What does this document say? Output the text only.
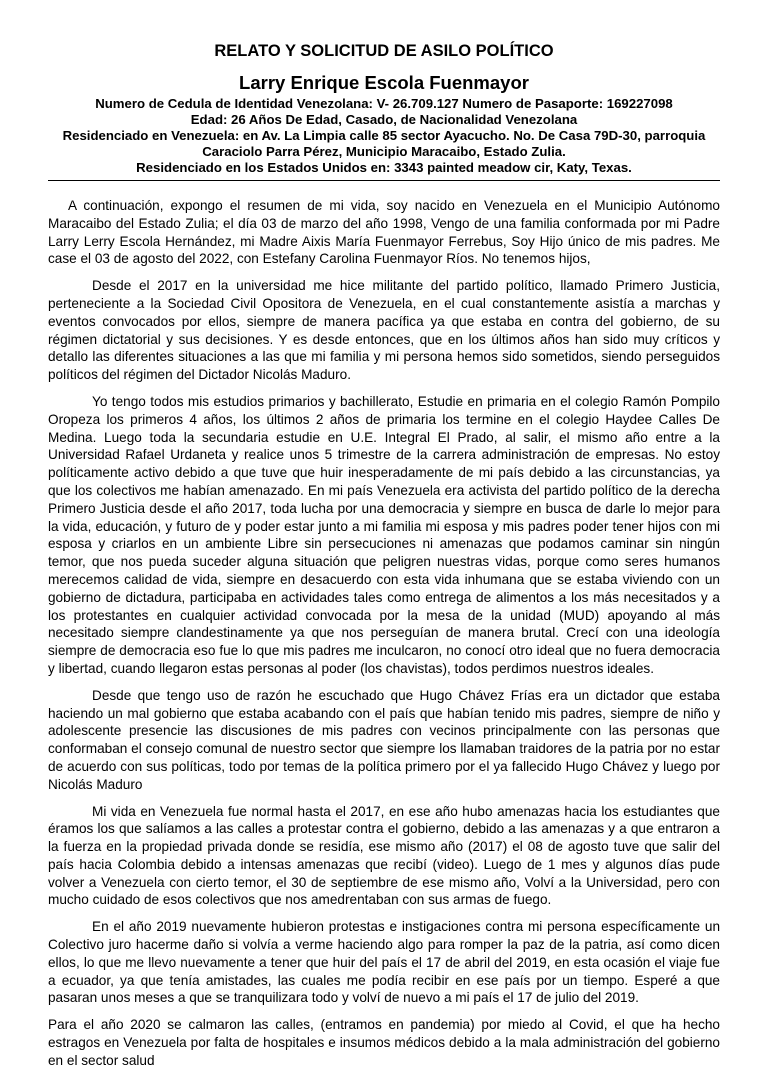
RELATO Y SOLICITUD DE ASILO POLÍTICO
Larry Enrique Escola Fuenmayor

Numero de Cedula de Identidad Venezolana: V- 26.709.127 Numero de Pasaporte: 169227098

Edad: 26 Años De Edad, Casado, de Nacionalidad Venezolana

Residenciado en Venezuela: en Av. La Limpia calle 85 sector Ayacucho. No. De Casa 79D-30, parroquia Caraciolo Parra Pérez, Municipio Maracaibo, Estado Zulia.

Residenciado en los Estados Unidos en: 3343 painted meadow cir, Katy, Texas.

A continuación, expongo el resumen de mi vida, soy nacido en Venezuela en el Municipio Autónomo Maracaibo del Estado Zulia; el día 03 de marzo del año 1998, Vengo de una familia conformada por mi Padre Larry Lerry Escola Hernández, mi Madre Aixis María Fuenmayor Ferrebus, Soy Hijo único de mis padres. Me case el 03 de agosto del 2022, con Estefany Carolina Fuenmayor Ríos. No tenemos hijos,

Desde el 2017 en la universidad me hice militante del partido político, llamado Primero Justicia, perteneciente a la Sociedad Civil Opositora de Venezuela, en el cual constantemente asistía a marchas y eventos convocados por ellos, siempre de manera pacífica ya que estaba en contra del gobierno, de su régimen dictatorial y sus decisiones. Y es desde entonces, que en los últimos años han sido muy críticos y detallo las diferentes situaciones a las que mi familia y mi persona hemos sido sometidos, siendo perseguidos políticos del régimen del Dictador Nicolás Maduro.

Yo tengo todos mis estudios primarios y bachillerato, Estudie en primaria en el colegio Ramón Pompilo Oropeza los primeros 4 años, los últimos 2 años de primaria los termine en el colegio Haydee Calles De Medina. Luego toda la secundaria estudie en U.E. Integral El Prado, al salir, el mismo año entre a la Universidad Rafael Urdaneta y realice unos 5 trimestre de la carrera administración de empresas. No estoy políticamente activo debido a que tuve que huir inesperadamente de mi país debido a las circunstancias, ya que los colectivos me habían amenazado. En mi país Venezuela era activista del partido político de la derecha Primero Justicia desde el año 2017, toda lucha por una democracia y siempre en busca de darle lo mejor para la vida, educación, y futuro de y poder estar junto a mi familia mi esposa y mis padres poder tener hijos con mi esposa y criarlos en un ambiente Libre sin persecuciones ni amenazas que podamos caminar sin ningún temor, que nos pueda suceder alguna situación que peligren nuestras vidas, porque como seres humanos merecemos calidad de vida, siempre en desacuerdo con esta vida inhumana que se estaba viviendo con un gobierno de dictadura, participaba en actividades tales como entrega de alimentos a los más necesitados y a los protestantes en cualquier actividad convocada por la mesa de la unidad (MUD) apoyando al más necesitado siempre clandestinamente ya que nos perseguían de manera brutal. Crecí con una ideología siempre de democracia eso fue lo que mis padres me inculcaron, no conocí otro ideal que no fuera democracia y libertad, cuando llegaron estas personas al poder (los chavistas), todos perdimos nuestros ideales.

Desde que tengo uso de razón he escuchado que Hugo Chávez Frías era un dictador que estaba haciendo un mal gobierno que estaba acabando con el país que habían tenido mis padres, siempre de niño y adolescente presencie las discusiones de mis padres con vecinos principalmente con las personas que conformaban el consejo comunal de nuestro sector que siempre los llamaban traidores de la patria por no estar de acuerdo con sus políticas, todo por temas de la política primero por el ya fallecido Hugo Chávez y luego por Nicolás Maduro

Mi vida en Venezuela fue normal hasta el 2017, en ese año hubo amenazas hacia los estudiantes que éramos los que salíamos a las calles a protestar contra el gobierno, debido a las amenazas y a que entraron a la fuerza en la propiedad privada donde se residía, ese mismo año (2017) el 08 de agosto tuve que salir del país hacia Colombia debido a intensas amenazas que recibí (video). Luego de 1 mes y algunos días pude volver a Venezuela con cierto temor, el 30 de septiembre de ese mismo año, Volví a la Universidad, pero con mucho cuidado de esos colectivos que nos amedrentaban con sus armas de fuego.

En el año 2019 nuevamente hubieron protestas e instigaciones contra mi persona específicamente un Colectivo juro hacerme daño si volvía a verme haciendo algo para romper la paz de la patria, así como dicen ellos, lo que me llevo nuevamente a tener que huir del país el 17 de abril del 2019, en esta ocasión el viaje fue a ecuador, ya que tenía amistades, las cuales me podía recibir en ese país por un tiempo. Esperé a que pasaran unos meses a que se tranquilizara todo y volví de nuevo a mi país el 17 de julio del 2019.

Para el año 2020 se calmaron las calles, (entramos en pandemia) por miedo al Covid, el que ha hecho estragos en Venezuela por falta de hospitales e insumos médicos debido a la mala administración del gobierno en el sector salud
